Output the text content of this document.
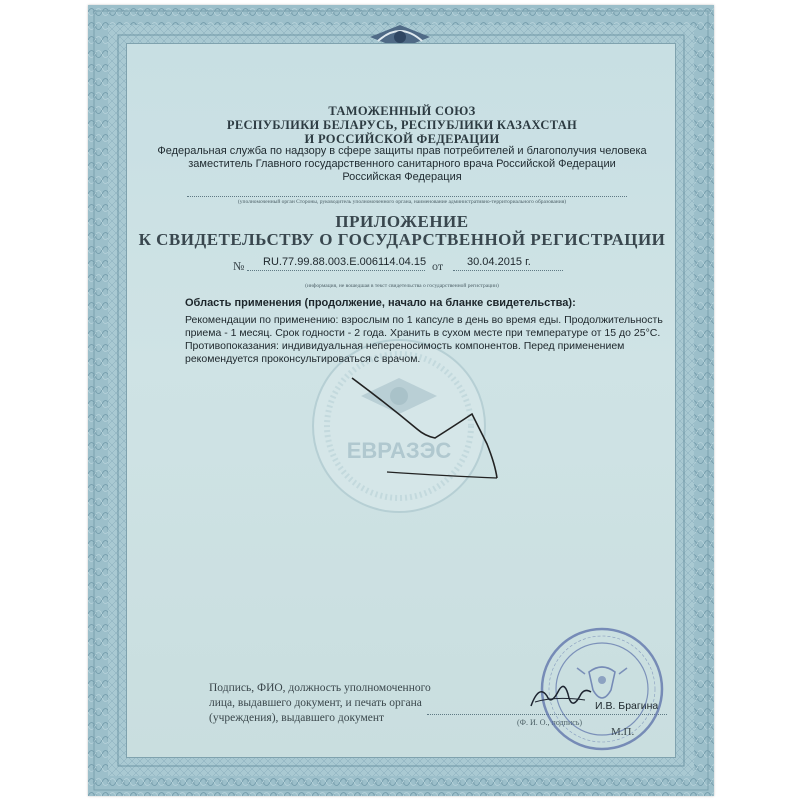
ЕВРАЗЭС
ТАМОЖЕННЫЙ СОЮЗ
РЕСПУБЛИКИ БЕЛАРУСЬ, РЕСПУБЛИКИ КАЗАХСТАН
И РОССИЙСКОЙ ФЕДЕРАЦИИ
Федеральная служба по надзору в сфере защиты прав потребителей и благополучия человека
заместитель Главного государственного санитарного врача Российской Федерации
Российская Федерация
(уполномоченный орган Стороны, руководитель уполномоченного органа, наименование административно-территориального образования)
ПРИЛОЖЕНИЕ
К СВИДЕТЕЛЬСТВУ О ГОСУДАРСТВЕННОЙ РЕГИСТРАЦИИ
№ RU.77.99.88.003.E.006114.04.15 от 30.04.2015 г.
(информация, не вошедшая в текст свидетельства о государственной регистрации)
Область применения (продолжение, начало на бланке свидетельства):
Рекомендации по применению: взрослым по 1 капсуле в день во время еды. Продолжительность
приема - 1 месяц. Срок годности - 2 года. Хранить в сухом месте при температуре от 15 до 25°С.
Противопоказания: индивидуальная непереносимость компонентов. Перед применением
рекомендуется проконсультироваться с врачом.
Подпись, ФИО, должность уполномоченного
лица, выдавшего документ, и печать органа
(учреждения), выдавшего документ	(Ф. И. О., подпись)
И.В. Брагина
М.П.
